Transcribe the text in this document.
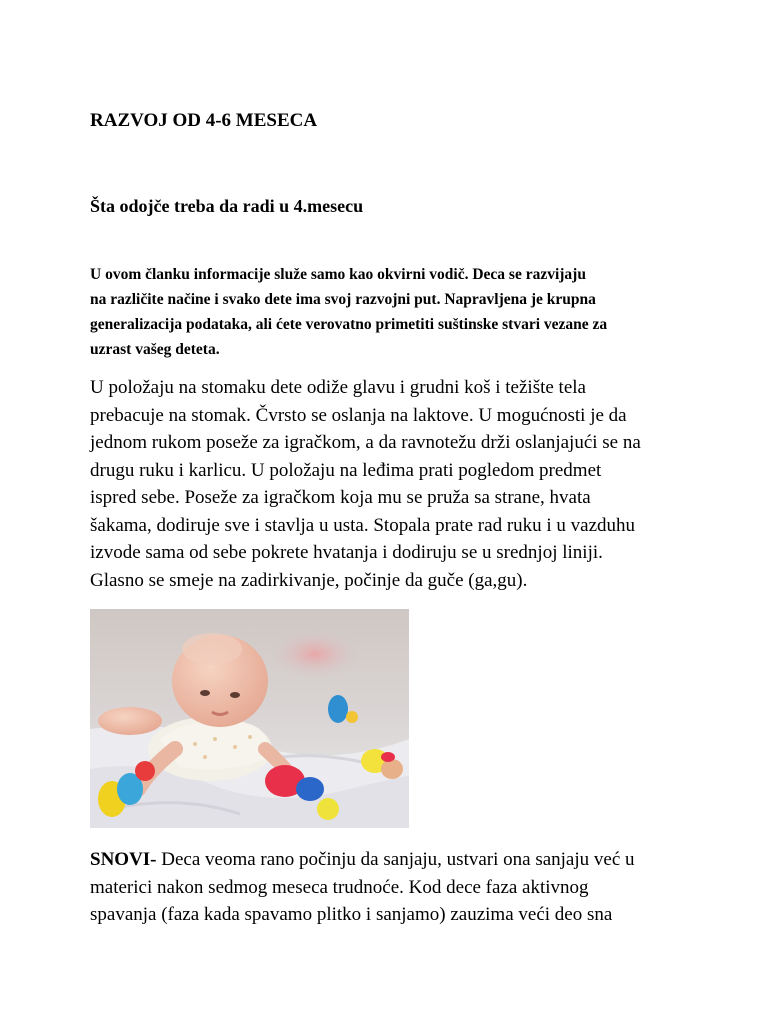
RAZVOJ OD 4-6 MESECA
Šta odojče treba da radi u 4.mesecu

U ovom članku informacije služe samo kao okvirni vodič. Deca se razvijaju
na različite načine i svako dete ima svoj razvojni put. Napravljena je krupna
generalizacija podataka, ali ćete verovatno primetiti suštinske stvari vezane za
uzrast vašeg deteta.

U položaju na stomaku dete odiže glavu i grudni koš i težište tela
prebacuje na stomak. Čvrsto se oslanja na laktove. U mogućnosti je da
jednom rukom poseže za igračkom, a da ravnotežu drži oslanjajući se na
drugu ruku i karlicu. U položaju na leđima prati pogledom predmet
ispred sebe. Poseže za igračkom koja mu se pruža sa strane, hvata
šakama, dodiruje sve i stavlja u usta. Stopala prate rad ruku i u vazduhu
izvode sama od sebe pokrete hvatanja i dodiruju se u srednjoj liniji.
Glasno se smeje na zadirkivanje, počinje da guče (ga,gu).

SNOVI- Deca veoma rano počinju da sanjaju, ustvari ona sanjaju već u
materici nakon sedmog meseca trudnoće. Kod dece faza aktivnog
spavanja (faza kada spavamo plitko i sanjamo) zauzima veći deo sna
